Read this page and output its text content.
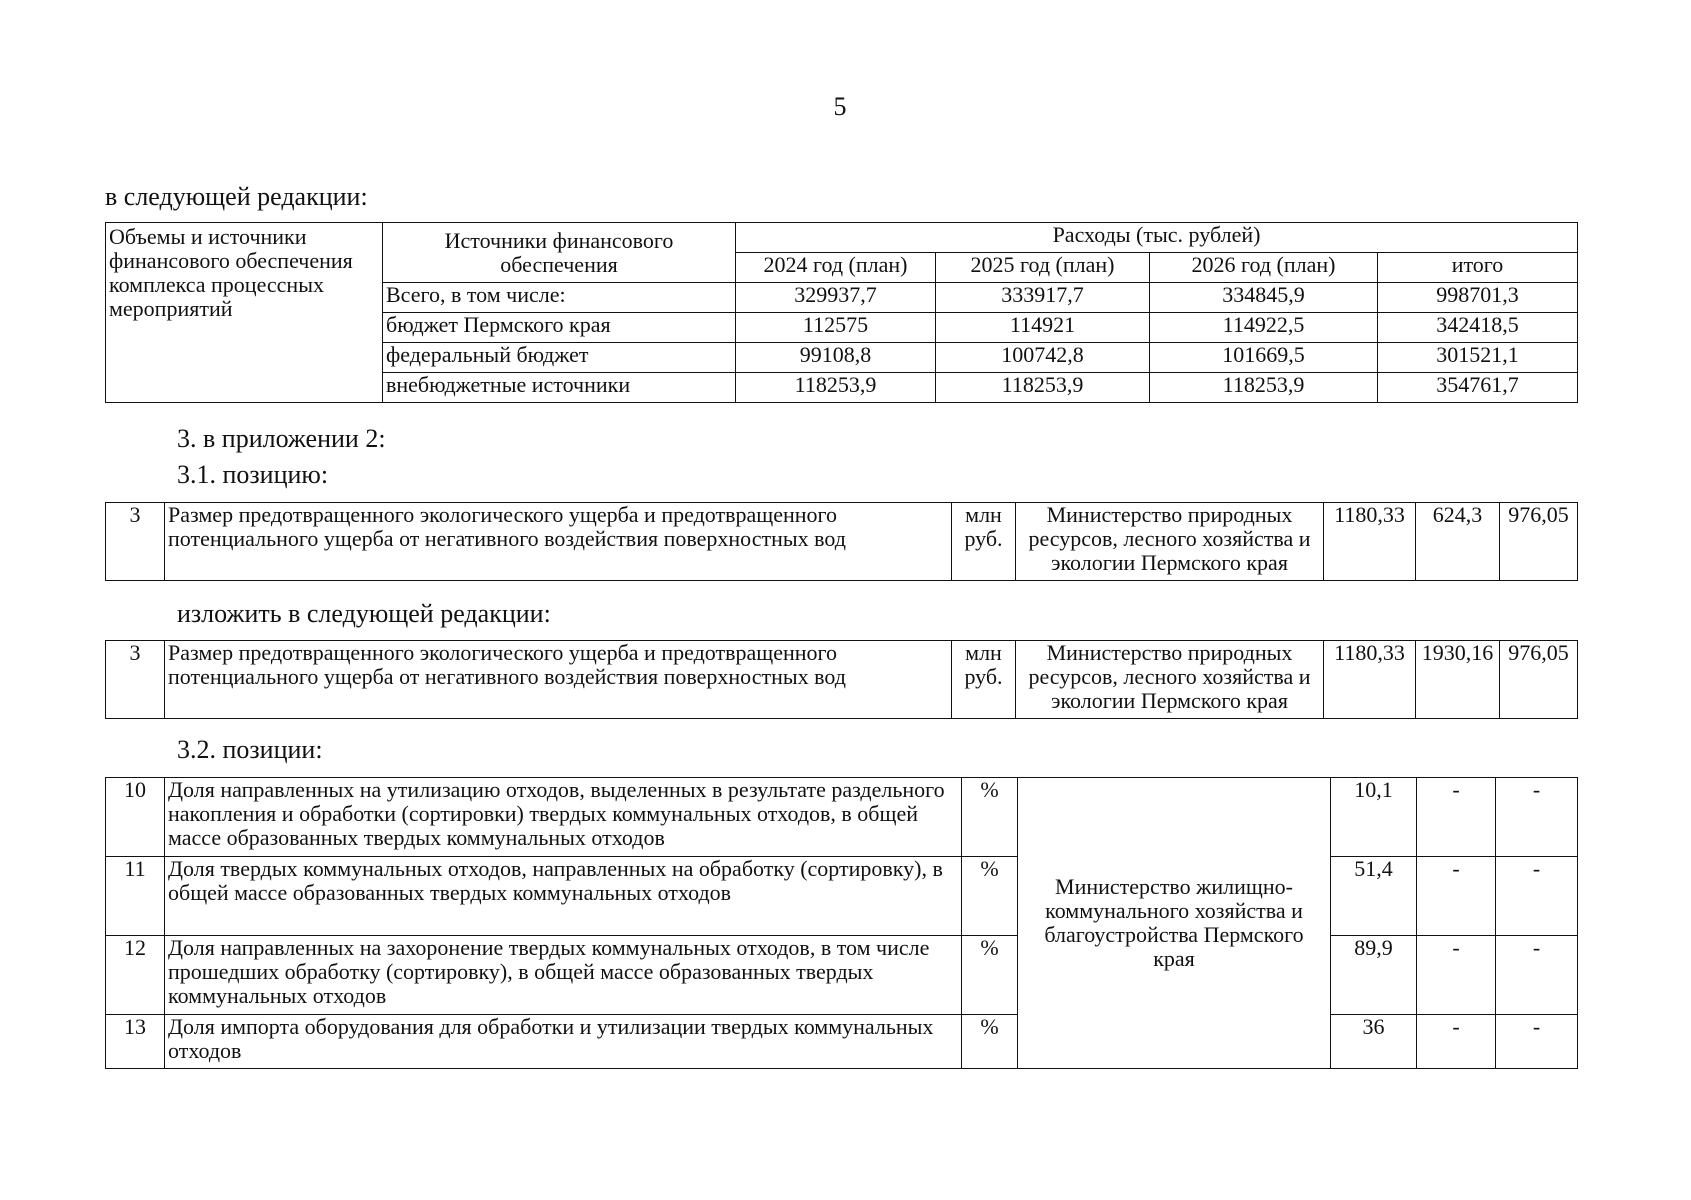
5
в следующей редакции:
Объемы и источники финансового обеспечения комплекса процессных мероприятий	Источники финансового обеспечения	Расходы (тыс. рублей)			
		2024 год (план)	2025 год (план)	2026 год (план)	итого
	Всего, в том числе:	329937,7	333917,7	334845,9	998701,3
	бюджет Пермского края	112575	114921	114922,5	342418,5
	федеральный бюджет	99108,8	100742,8	101669,5	301521,1
	внебюджетные источники	118253,9	118253,9	118253,9	354761,7
3. в приложении 2:
3.1. позицию:
3	Размер предотвращенного экологического ущерба и предотвращенного потенциального ущерба от негативного воздействия поверхностных вод	млн руб.	Министерство природных ресурсов, лесного хозяйства и экологии Пермского края	1180,33	624,3	976,05
изложить в следующей редакции:
3	Размер предотвращенного экологического ущерба и предотвращенного потенциального ущерба от негативного воздействия поверхностных вод	млн руб.	Министерство природных ресурсов, лесного хозяйства и экологии Пермского края	1180,33	1930,16	976,05
3.2. позиции:
10	Доля направленных на утилизацию отходов, выделенных в результате раздельного накопления и обработки (сортировки) твердых коммунальных отходов, в общей массе образованных твердых коммунальных отходов	%	Министерство жилищно-коммунального хозяйства и благоустройства Пермского края	10,1	-	-
11	Доля твердых коммунальных отходов, направленных на обработку (сортировку), в общей массе образованных твердых коммунальных отходов	%		51,4	-	-
12	Доля направленных на захоронение твердых коммунальных отходов, в том числе прошедших обработку (сортировку), в общей массе образованных твердых коммунальных отходов	%		89,9	-	-
13	Доля импорта оборудования для обработки и утилизации твердых коммунальных отходов	%		36	-	-
